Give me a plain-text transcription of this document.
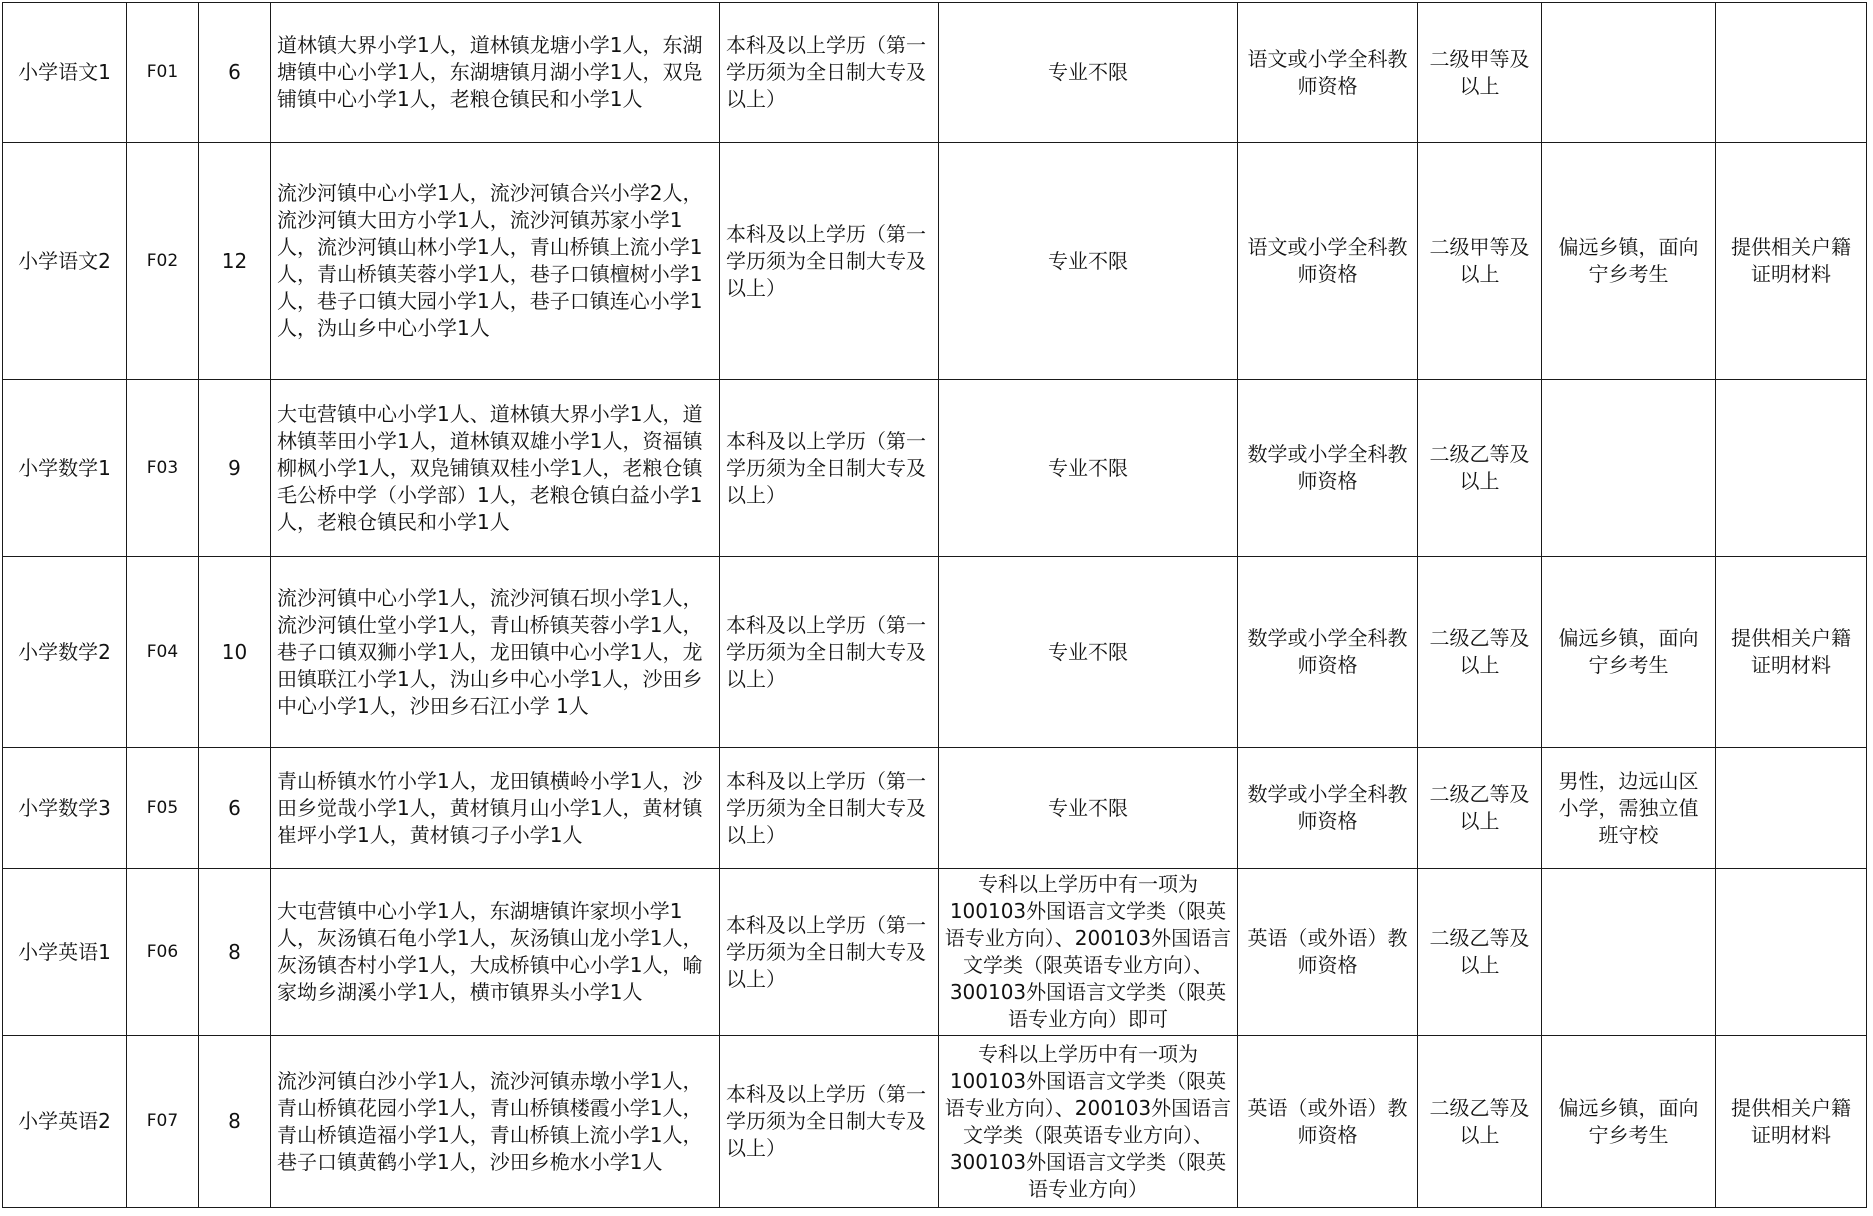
小学语文1	F01	6	道林镇大界小学1人，道林镇龙塘小学1人，东湖塘镇中心小学1人，东湖塘镇月湖小学1人，双凫铺镇中心小学1人，老粮仓镇民和小学1人	本科及以上学历（第一学历须为全日制大专及以上）	专业不限	语文或小学全科教师资格	二级甲等及以上		
小学语文2	F02	12	流沙河镇中心小学1人，流沙河镇合兴小学2人，流沙河镇大田方小学1人，流沙河镇苏家小学1人，流沙河镇山林小学1人，青山桥镇上流小学1人，青山桥镇芙蓉小学1人，巷子口镇檀树小学1人，巷子口镇大园小学1人，巷子口镇连心小学1人，沩山乡中心小学1人	本科及以上学历（第一学历须为全日制大专及以上）	专业不限	语文或小学全科教师资格	二级甲等及以上	偏远乡镇，面向宁乡考生	提供相关户籍证明材料
小学数学1	F03	9	大屯营镇中心小学1人、道林镇大界小学1人，道林镇莘田小学1人，道林镇双雄小学1人，资福镇柳枫小学1人，双凫铺镇双桂小学1人，老粮仓镇毛公桥中学（小学部）1人，老粮仓镇白益小学1人，老粮仓镇民和小学1人	本科及以上学历（第一学历须为全日制大专及以上）	专业不限	数学或小学全科教师资格	二级乙等及以上		
小学数学2	F04	10	流沙河镇中心小学1人，流沙河镇石坝小学1人，流沙河镇仕堂小学1人，青山桥镇芙蓉小学1人，巷子口镇双狮小学1人，龙田镇中心小学1人，龙田镇联江小学1人，沩山乡中心小学1人，沙田乡中心小学1人，沙田乡石江小学 1人	本科及以上学历（第一学历须为全日制大专及以上）	专业不限	数学或小学全科教师资格	二级乙等及以上	偏远乡镇，面向宁乡考生	提供相关户籍证明材料
小学数学3	F05	6	青山桥镇水竹小学1人，龙田镇横岭小学1人，沙田乡觉哉小学1人，黄材镇月山小学1人，黄材镇崔坪小学1人，黄材镇刁子小学1人	本科及以上学历（第一学历须为全日制大专及以上）	专业不限	数学或小学全科教师资格	二级乙等及以上	男性，边远山区小学，需独立值班守校	
小学英语1	F06	8	大屯营镇中心小学1人，东湖塘镇许家坝小学1人，灰汤镇石龟小学1人，灰汤镇山龙小学1人，灰汤镇杏村小学1人，大成桥镇中心小学1人，喻家坳乡湖溪小学1人，横市镇界头小学1人	本科及以上学历（第一学历须为全日制大专及以上）	专科以上学历中有一项为100103外国语言文学类（限英语专业方向）、200103外国语言文学类（限英语专业方向）、300103外国语言文学类（限英语专业方向）即可	英语（或外语）教师资格	二级乙等及以上		
小学英语2	F07	8	流沙河镇白沙小学1人，流沙河镇赤墩小学1人，青山桥镇花园小学1人，青山桥镇楼霞小学1人，青山桥镇造福小学1人，青山桥镇上流小学1人，巷子口镇黄鹤小学1人，沙田乡桅水小学1人	本科及以上学历（第一学历须为全日制大专及以上）	专科以上学历中有一项为100103外国语言文学类（限英语专业方向）、200103外国语言文学类（限英语专业方向）、300103外国语言文学类（限英语专业方向）	英语（或外语）教师资格	二级乙等及以上	偏远乡镇，面向宁乡考生	提供相关户籍证明材料
